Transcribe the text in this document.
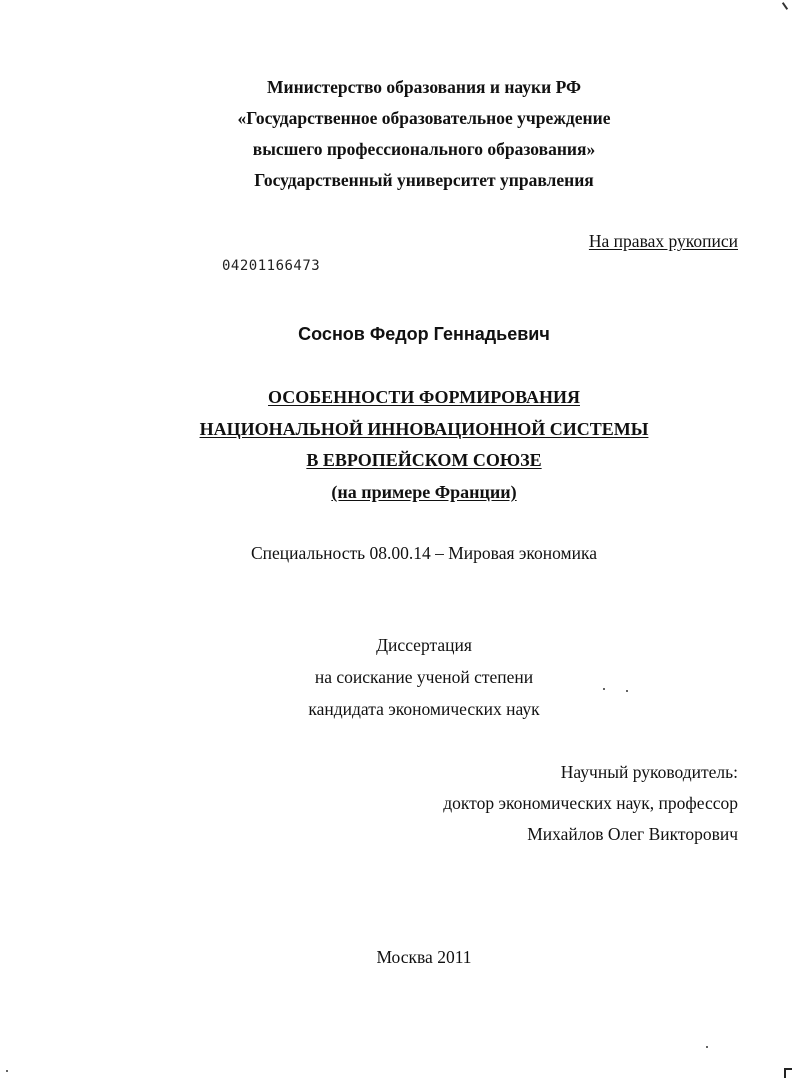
Министерство образования и науки РФ
«Государственное образовательное учреждение
высшего профессионального образования»
Государственный университет управления
На правах рукописи
04201166473
Соснов Федор Геннадьевич
ОСОБЕННОСТИ ФОРМИРОВАНИЯ
НАЦИОНАЛЬНОЙ ИННОВАЦИОННОЙ СИСТЕМЫ
В ЕВРОПЕЙСКОМ СОЮЗЕ
(на примере Франции)
Специальность 08.00.14 – Мировая экономика
Диссертация
на соискание ученой степени
кандидата экономических наук
Научный руководитель:
доктор экономических наук, профессор
Михайлов Олег Викторович
Москва 2011
